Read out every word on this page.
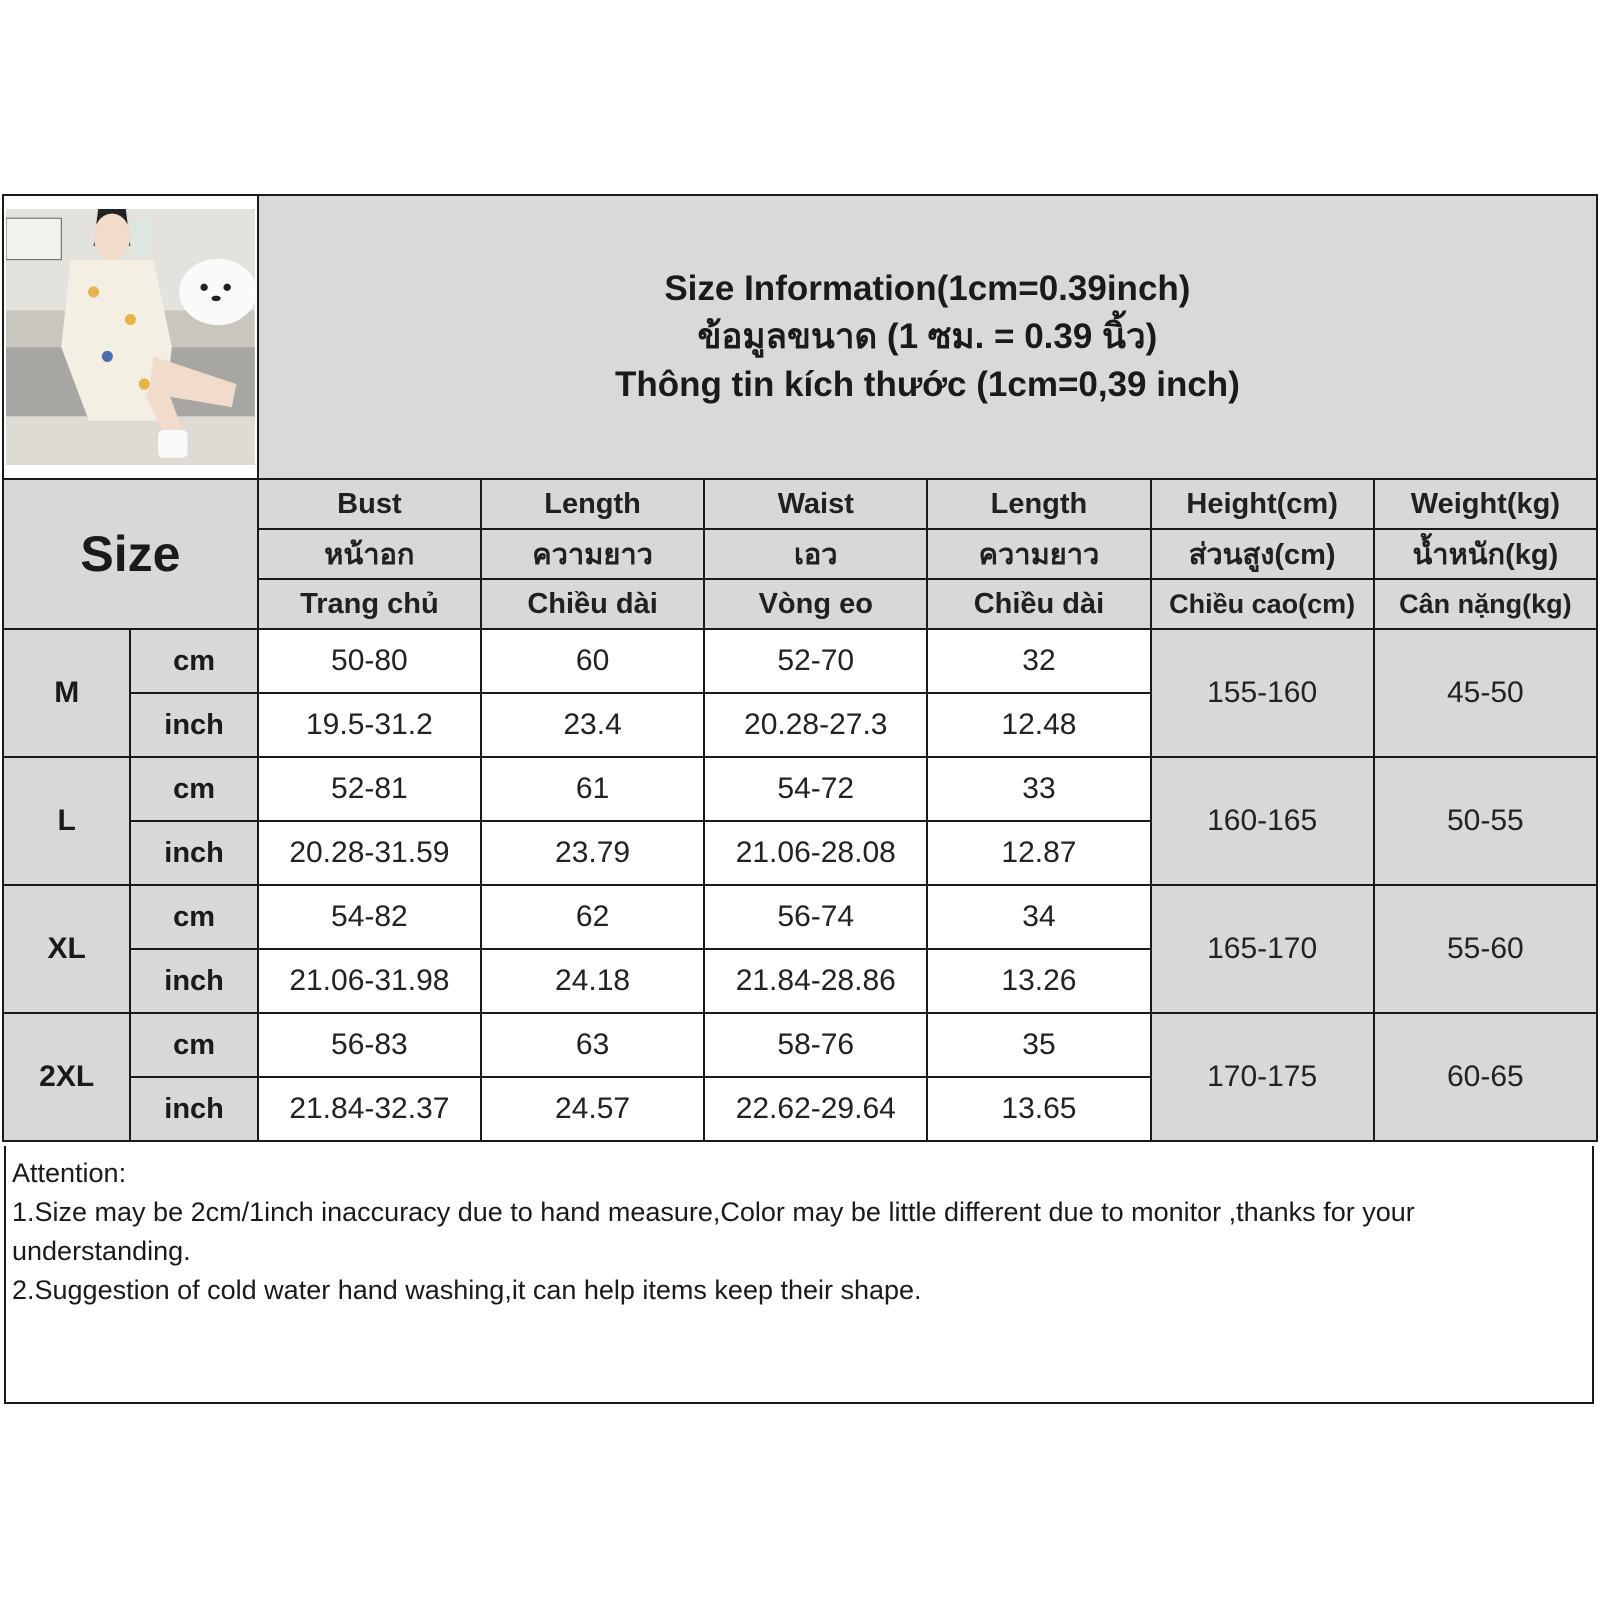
Size Information(1cm=0.39inch)
ข้อมูลขนาด (1 ซม. = 0.39 นิ้ว)
Thông tin kích thước (1cm=0,39 inch)					

Size		Bust	Length	Waist	Length	Height(cm)	Weight(kg)
		หน้าอก	ความยาว	เอว	ความยาว	ส่วนสูง(cm)	น้ำหนัก(kg)
		Trang chủ	Chiều dài	Vòng eo	Chiều dài	Chiều cao(cm)	Cân nặng(kg)
M	cm	50-80	60	52-70	32	155-160	45-50
	inch	19.5-31.2	23.4	20.28-27.3	12.48		
L	cm	52-81	61	54-72	33	160-165	50-55
	inch	20.28-31.59	23.79	21.06-28.08	12.87		
XL	cm	54-82	62	56-74	34	165-170	55-60
	inch	21.06-31.98	24.18	21.84-28.86	13.26		
2XL	cm	56-83	63	58-76	35	170-175	60-65
	inch	21.84-32.37	24.57	22.62-29.64	13.65		
Attention:
1.Size may be 2cm/1inch inaccuracy due to hand measure,Color may be little different due to monitor ,thanks for your understanding.
2.Suggestion of cold water hand washing,it can help items keep their shape.
